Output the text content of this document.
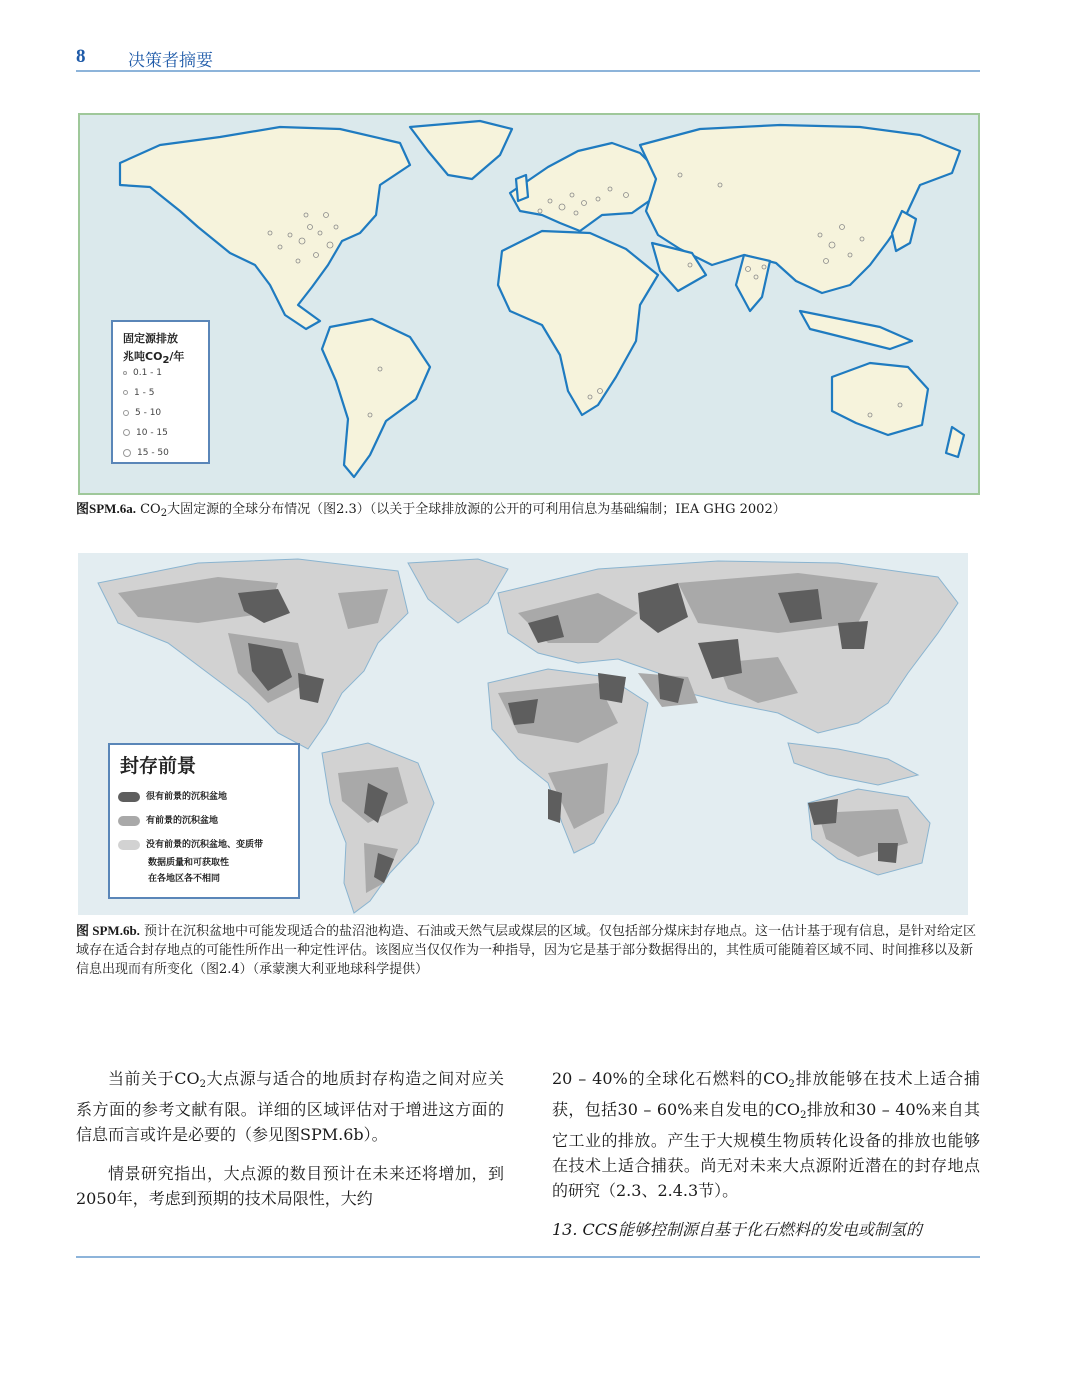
8	决策者摘要
固定源排放
兆吨CO2/年
0.1 - 1
1 - 5
5 - 10
10 - 15
15 - 50
图SPM.6a. $CO_2$大固定源的全球分布情况（图2.3）（以关于全球排放源的公开的可利用信息为基础编制；IEA GHG 2002）
封存前景
很有前景的沉积盆地
有前景的沉积盆地
没有前景的沉积盆地、变质带
数据质量和可获取性
在各地区各不相同
图 SPM.6b. 预计在沉积盆地中可能发现适合的盐沼池构造、石油或天然气层或煤层的区域。仅包括部分煤床封存地点。这一估计基于现有信息，是针对给定区域存在适合封存地点的可能性所作出一种定性评估。该图应当仅仅作为一种指导，因为它是基于部分数据得出的，其性质可能随着区域不同、时间推移以及新信息出现而有所变化（图2.4）（承蒙澳大利亚地球科学提供）

当前关于$CO_2$大点源与适合的地质封存构造之间对应关系方面的参考文献有限。详细的区域评估对于增进这方面的信息而言或许是必要的（参见图SPM.6b）。

情景研究指出，大点源的数目预计在未来还将增加，到2050年，考虑到预期的技术局限性，大约

20 – 40%的全球化石燃料的$CO_2$排放能够在技术上适合捕获，包括30 – 60%来自发电的$CO_2$排放和30 – 40%来自其它工业的排放。产生于大规模生物质转化设备的排放也能够在技术上适合捕获。尚无对未来大点源附近潜在的封存地点的研究（2.3、2.4.3节）。

13. CCS能够控制源自基于化石燃料的发电或制氢的
